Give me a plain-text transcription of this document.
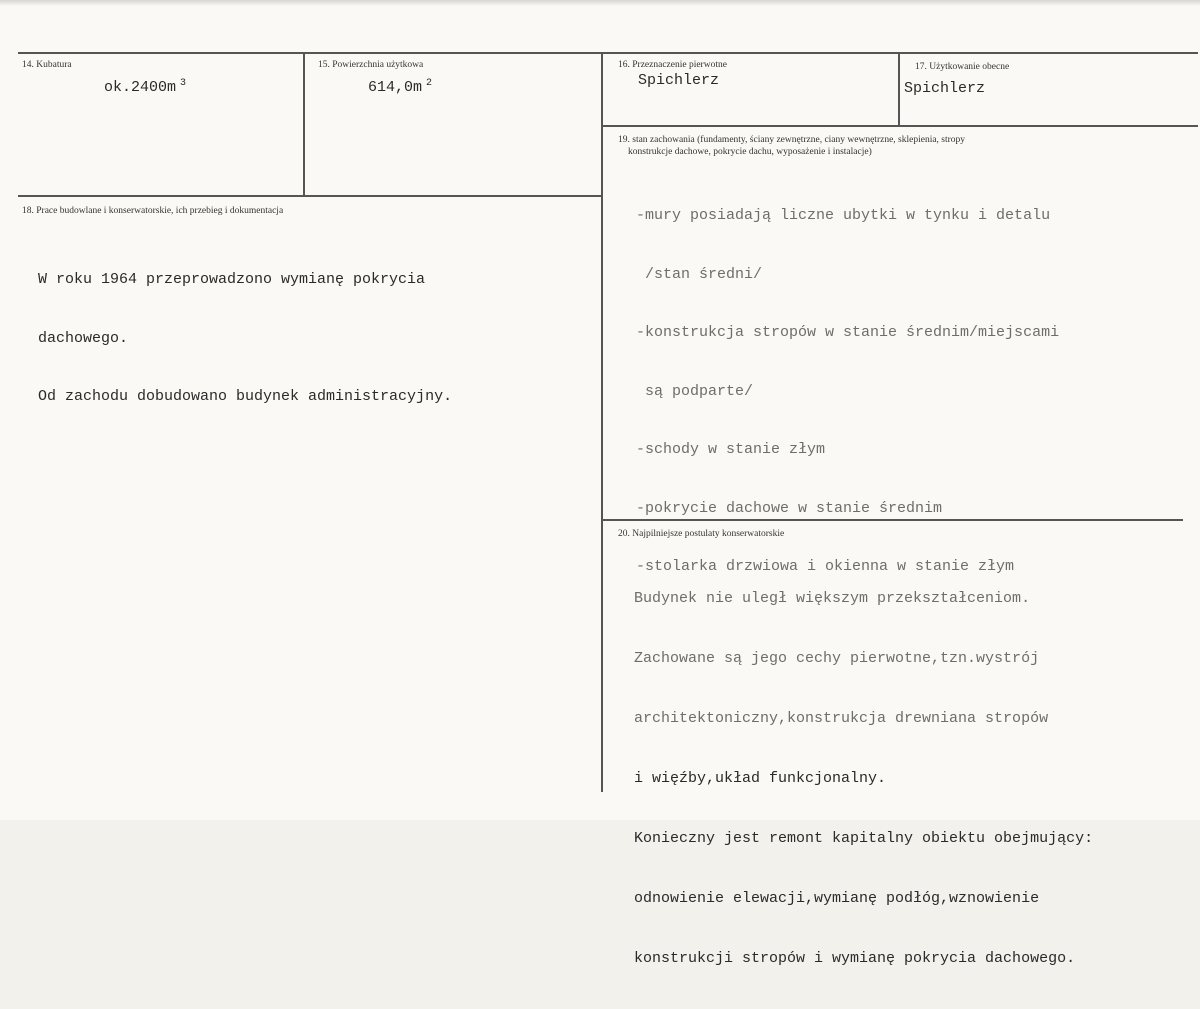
14. Kubatura
ok.2400m $^3$
15. Powierzchnia użytkowa
614,0m $^2$
16. Przeznaczenie pierwotne
Spichlerz
17. Użytkowanie obecne
Spichlerz
18. Prace budowlane i konserwatorskie, ich przebieg i dokumentacja

W roku 1964 przeprowadzono wymianę pokrycia

dachowego.

Od zachodu dobudowano budynek administracyjny.

19. stan zachowania (fundamenty, ściany zewnętrzne, ciany wewnętrzne, sklepienia, stropy
konstrukcje dachowe, pokrycie dachu, wyposażenie i instalacje)

-mury posiadają liczne ubytki w tynku i detalu

/stan średni/

-konstrukcja stropów w stanie średnim/miejscami

są podparte/

-schody w stanie złym

-pokrycie dachowe w stanie średnim

-stolarka drzwiowa i okienna w stanie złym

20. Najpilniejsze postulaty konserwatorskie

Budynek nie uległ większym przekształceniom.

Zachowane są jego cechy pierwotne,tzn.wystrój

architektoniczny,konstrukcja drewniana stropów

i więźby,układ funkcjonalny.

Konieczny jest remont kapitalny obiektu obejmujący:

odnowienie elewacji,wymianę podłóg,wznowienie

konstrukcji stropów i wymianę pokrycia dachowego.
